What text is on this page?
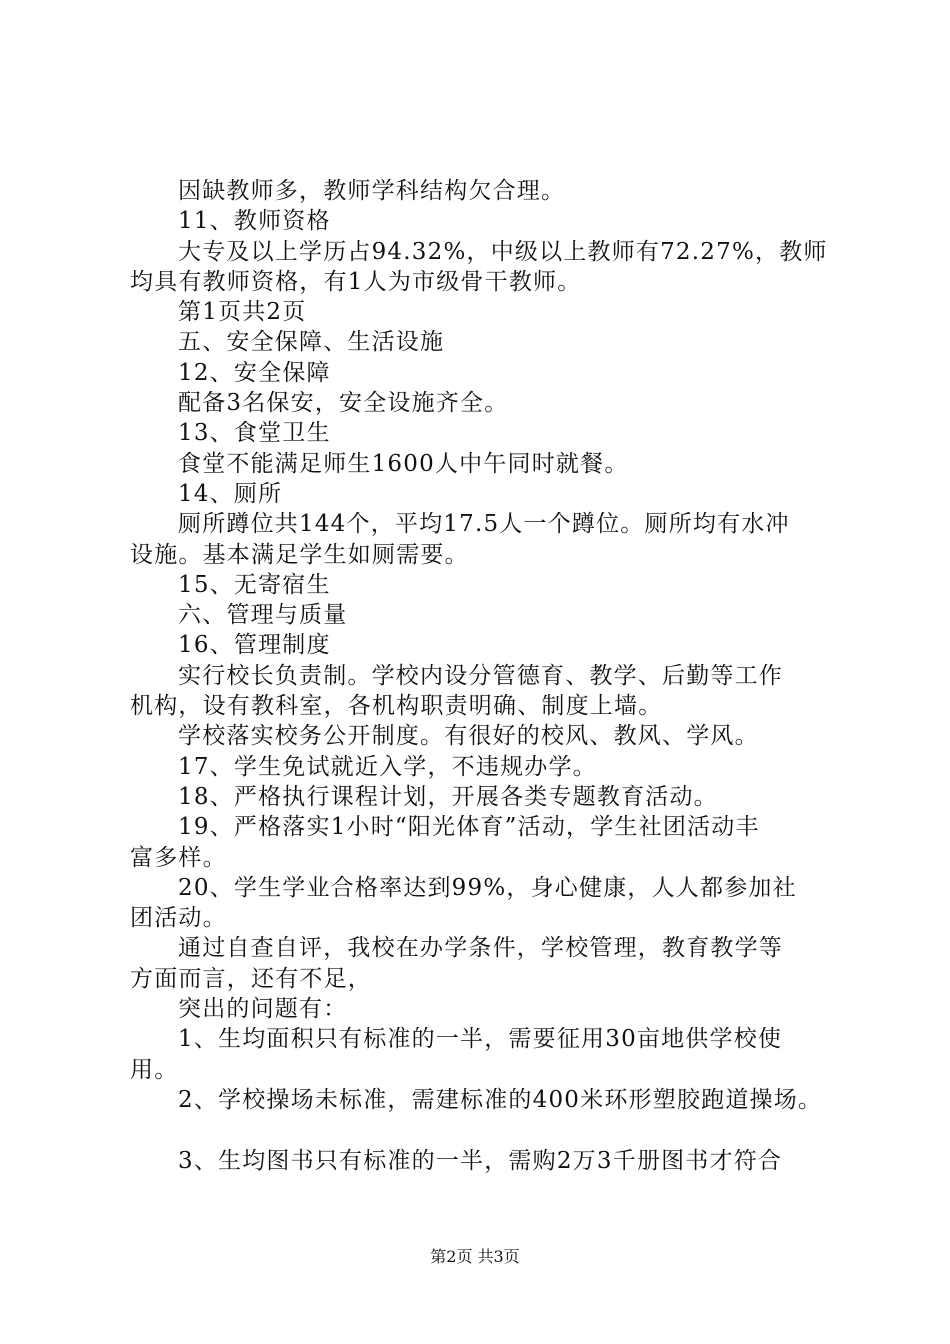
因缺教师多，教师学科结构欠合理。
11、教师资格
大专及以上学历占94.32%，中级以上教师有72.27%，教师
均具有教师资格，有1人为市级骨干教师。
第1页共2页
五、安全保障、生活设施
12、安全保障
配备3名保安，安全设施齐全。
13、食堂卫生
食堂不能满足师生1600人中午同时就餐。
14、厕所
厕所蹲位共144个，平均17.5人一个蹲位。厕所均有水冲
设施。基本满足学生如厕需要。
15、无寄宿生
六、管理与质量
16、管理制度
实行校长负责制。学校内设分管德育、教学、后勤等工作
机构，设有教科室，各机构职责明确、制度上墙。
学校落实校务公开制度。有很好的校风、教风、学风。
17、学生免试就近入学，不违规办学。
18、严格执行课程计划，开展各类专题教育活动。
19、严格落实1小时“阳光体育”活动，学生社团活动丰
富多样。
20、学生学业合格率达到99%，身心健康，人人都参加社
团活动。
通过自查自评，我校在办学条件，学校管理，教育教学等
方面而言，还有不足，
突出的问题有：
1、生均面积只有标准的一半，需要征用30亩地供学校使
用。
2、学校操场未标准，需建标准的400米环形塑胶跑道操场。
3、生均图书只有标准的一半，需购2万3千册图书才符合
第2页 共3页
